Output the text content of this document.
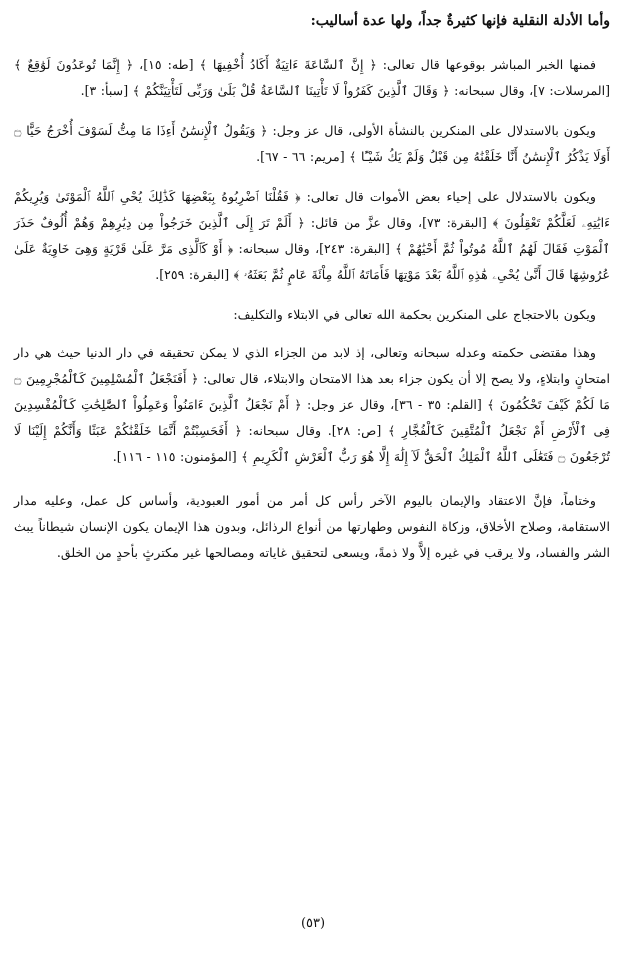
وأما الأدلة النقلية فإنها كثيرةٌ جداً، ولها عدة أساليب:

فمنها الخبر المباشر بوقوعها قال تعالى: ﴿ إِنَّ ٱلسَّاعَةَ ءَاتِيَةٌ أَكَادُ أُخْفِيهَا ﴾ [طه: ١٥]، ﴿ إِنَّمَا تُوعَدُونَ لَوَٰقِعٌ ﴾ [المرسلات: ٧]، وقال سبحانه: ﴿ وَقَالَ ٱلَّذِينَ كَفَرُواْ لَا تَأْتِينَا ٱلسَّاعَةُ قُلْ بَلَىٰ وَرَبِّى لَتَأْتِيَنَّكُمْ ﴾ [سبأ: ٣].

ويكون بالاستدلال على المنكرين بالنشأة الأولى، قال عز وجل: ﴿ وَيَقُولُ ٱلْإِنسَٰنُ أَءِذَا مَا مِتُّ لَسَوْفَ أُخْرَجُ حَيًّا ۝ أَوَلَا يَذْكُرُ ٱلْإِنسَٰنُ أَنَّا خَلَقْنَٰهُ مِن قَبْلُ وَلَمْ يَكُ شَيْـًٔا ﴾ [مريم: ٦٦ - ٦٧].

ويكون بالاستدلال على إحياء بعض الأموات قال تعالى: ﴿ فَقُلْنَا ٱضْرِبُوهُ بِبَعْضِهَا كَذَٰلِكَ يُحْىِ ٱللَّهُ ٱلْمَوْتَىٰ وَيُرِيكُمْ ءَايَٰتِهِۦ لَعَلَّكُمْ تَعْقِلُونَ ﴾ [البقرة: ٧٣]، وقال عزَّ من قائل: ﴿ أَلَمْ تَرَ إِلَى ٱلَّذِينَ خَرَجُواْ مِن دِيَٰرِهِمْ وَهُمْ أُلُوفٌ حَذَرَ ٱلْمَوْتِ فَقَالَ لَهُمُ ٱللَّهُ مُوتُواْ ثُمَّ أَحْيَٰهُمْ ﴾ [البقرة: ٢٤٣]، وقال سبحانه: ﴿ أَوْ كَٱلَّذِى مَرَّ عَلَىٰ قَرْيَةٍ وَهِىَ خَاوِيَةٌ عَلَىٰ عُرُوشِهَا قَالَ أَنَّىٰ يُحْىِۦ هَٰذِهِ ٱللَّهُ بَعْدَ مَوْتِهَا فَأَمَاتَهُ ٱللَّهُ مِاْئَةَ عَامٍ ثُمَّ بَعَثَهُۥ ﴾ [البقرة: ٢٥٩].

ويكون بالاحتجاج على المنكرين بحكمة الله تعالى في الابتلاء والتكليف:

وهذا مقتضى حكمته وعدله سبحانه وتعالى، إذ لابد من الجزاء الذي لا يمكن تحقيقه في دار الدنيا حيث هي دار امتحانٍ وابتلاءٍ، ولا يصح إلا أن يكون جزاء بعد هذا الامتحان والابتلاء، قال تعالى: ﴿ أَفَنَجْعَلُ ٱلْمُسْلِمِينَ كَٱلْمُجْرِمِينَ ۝ مَا لَكُمْ كَيْفَ تَحْكُمُونَ ﴾ [القلم: ٣٥ - ٣٦]، وقال عز وجل: ﴿ أَمْ نَجْعَلُ ٱلَّذِينَ ءَامَنُواْ وَعَمِلُواْ ٱلصَّٰلِحَٰتِ كَٱلْمُفْسِدِينَ فِى ٱلْأَرْضِ أَمْ نَجْعَلُ ٱلْمُتَّقِينَ كَٱلْفُجَّارِ ﴾ [ص: ٢٨]. وقال سبحانه: ﴿ أَفَحَسِبْتُمْ أَنَّمَا خَلَقْنَٰكُمْ عَبَثًا وَأَنَّكُمْ إِلَيْنَا لَا تُرْجَعُونَ ۝ فَتَعَٰلَى ٱللَّهُ ٱلْمَلِكُ ٱلْحَقُّ لَآ إِلَٰهَ إِلَّا هُوَ رَبُّ ٱلْعَرْشِ ٱلْكَرِيمِ ﴾ [المؤمنون: ١١٥ - ١١٦].

وختاماً، فإنَّ الاعتقاد والإيمان باليوم الآخر رأس كل أمر من أمور العبودية، وأساس كل عمل، وعليه مدار الاستقامة، وصلاح الأخلاق، وزكاة النفوس وطهارتها من أنواع الرذائل، وبدون هذا الإيمان يكون الإنسان شيطاناً يبث الشر والفساد، ولا يرقب في غيره إلاًّ ولا ذمةً، ويسعى لتحقيق غاياته ومصالحها غير مكترثٍ بأحدٍ من الخلق.

(٥٣)
